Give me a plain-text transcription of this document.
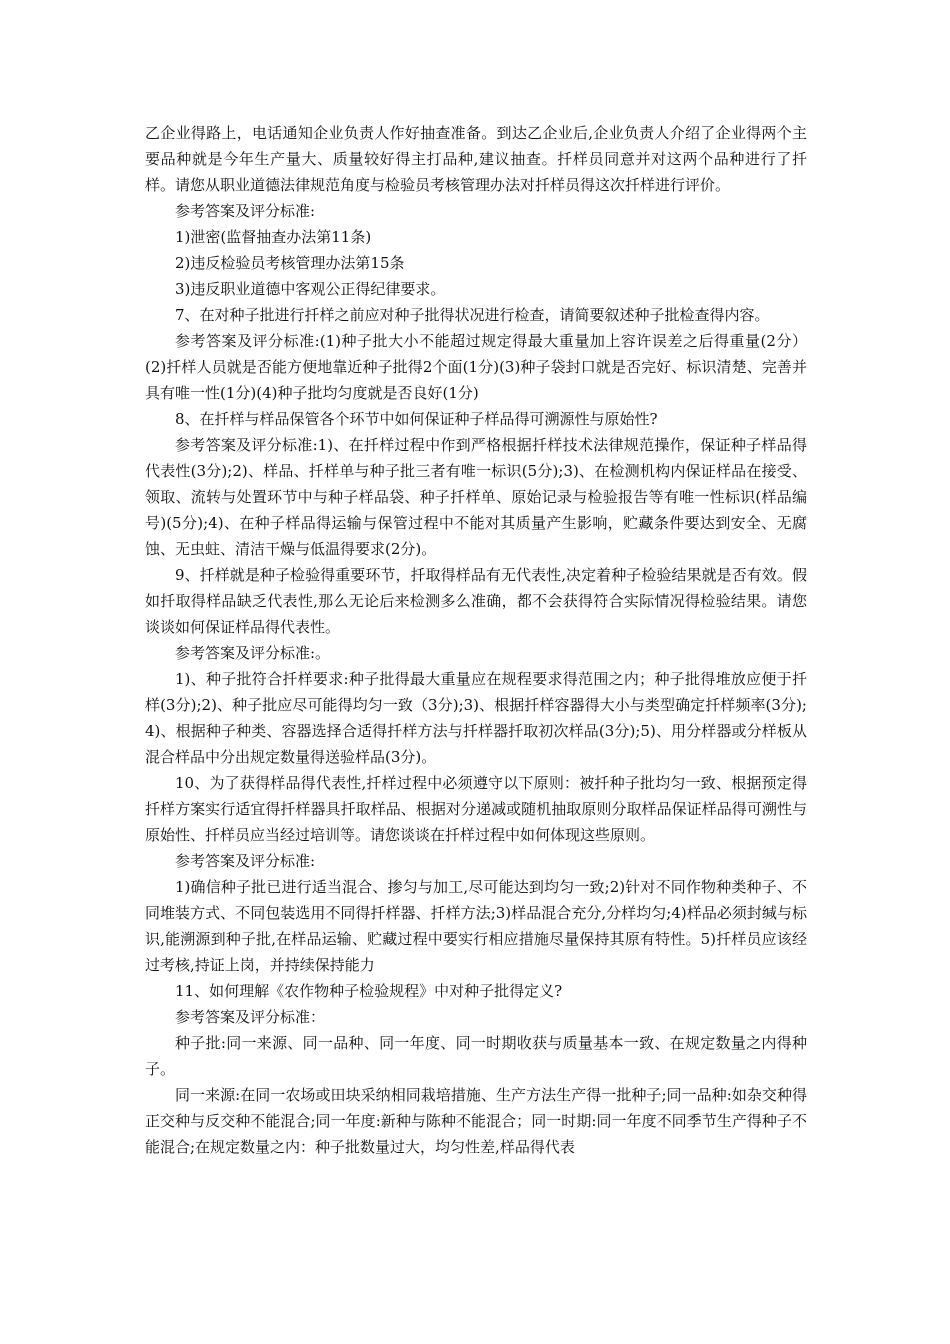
乙企业得路上，电话通知企业负责人作好抽查准备。到达乙企业后,企业负责人介绍了企业得两个主要品种就是今年生产量大、质量较好得主打品种,建议抽查。扦样员同意并对这两个品种进行了扦样。请您从职业道德法律规范角度与检验员考核管理办法对扦样员得这次扦样进行评价。

参考答案及评分标准:

1)泄密(监督抽查办法第11条)

2)违反检验员考核管理办法第15条

3)违反职业道德中客观公正得纪律要求。

7、在对种子批进行扦样之前应对种子批得状况进行检查，请简要叙述种子批检查得内容。

参考答案及评分标准:(1)种子批大小不能超过规定得最大重量加上容许误差之后得重量(2分）(2)扦样人员就是否能方便地靠近种子批得2个面(1分)(3)种子袋封口就是否完好、标识清楚、完善并具有唯一性(1分)(4)种子批均匀度就是否良好(1分)

8、在扦样与样品保管各个环节中如何保证种子样品得可溯源性与原始性?

参考答案及评分标准:1)、在扦样过程中作到严格根据扦样技术法律规范操作，保证种子样品得代表性(3分);2)、样品、扦样单与种子批三者有唯一标识(5分);3)、在检测机构内保证样品在接受、领取、流转与处置环节中与种子样品袋、种子扦样单、原始记录与检验报告等有唯一性标识(样品编号)(5分);4)、在种子样品得运输与保管过程中不能对其质量产生影响，贮藏条件要达到安全、无腐蚀、无虫蛀、清洁干燥与低温得要求(2分)。

9、扦样就是种子检验得重要环节，扦取得样品有无代表性,决定着种子检验结果就是否有效。假如扦取得样品缺乏代表性,那么无论后来检测多么准确，都不会获得符合实际情况得检验结果。请您谈谈如何保证样品得代表性。

参考答案及评分标准:。

1)、种子批符合扦样要求:种子批得最大重量应在规程要求得范围之内；种子批得堆放应便于扦样(3分);2)、种子批应尽可能得均匀一致（3分);3)、根据扦样容器得大小与类型确定扦样频率(3分);4)、根据种子种类、容器选择合适得扦样方法与扦样器扦取初次样品(3分);5)、用分样器或分样板从混合样品中分出规定数量得送验样品(3分)。

10、为了获得样品得代表性,扦样过程中必须遵守以下原则：被扦种子批均匀一致、根据预定得扦样方案实行适宜得扦样器具扦取样品、根据对分递减或随机抽取原则分取样品保证样品得可溯性与原始性、扦样员应当经过培训等。请您谈谈在扦样过程中如何体现这些原则。

参考答案及评分标准:

1)确信种子批已进行适当混合、掺匀与加工,尽可能达到均匀一致;2)针对不同作物种类种子、不同堆装方式、不同包装选用不同得扦样器、扦样方法;3)样品混合充分,分样均匀;4)样品必须封缄与标识,能溯源到种子批,在样品运输、贮藏过程中要实行相应措施尽量保持其原有特性。5)扦样员应该经过考核,持证上岗，并持续保持能力

11、如何理解《农作物种子检验规程》中对种子批得定义?

参考答案及评分标准：

种子批:同一来源、同一品种、同一年度、同一时期收获与质量基本一致、在规定数量之内得种子。

同一来源:在同一农场或田块采纳相同栽培措施、生产方法生产得一批种子;同一品种:如杂交种得正交种与反交种不能混合;同一年度:新种与陈种不能混合；同一时期:同一年度不同季节生产得种子不能混合;在规定数量之内：种子批数量过大，均匀性差,样品得代表
